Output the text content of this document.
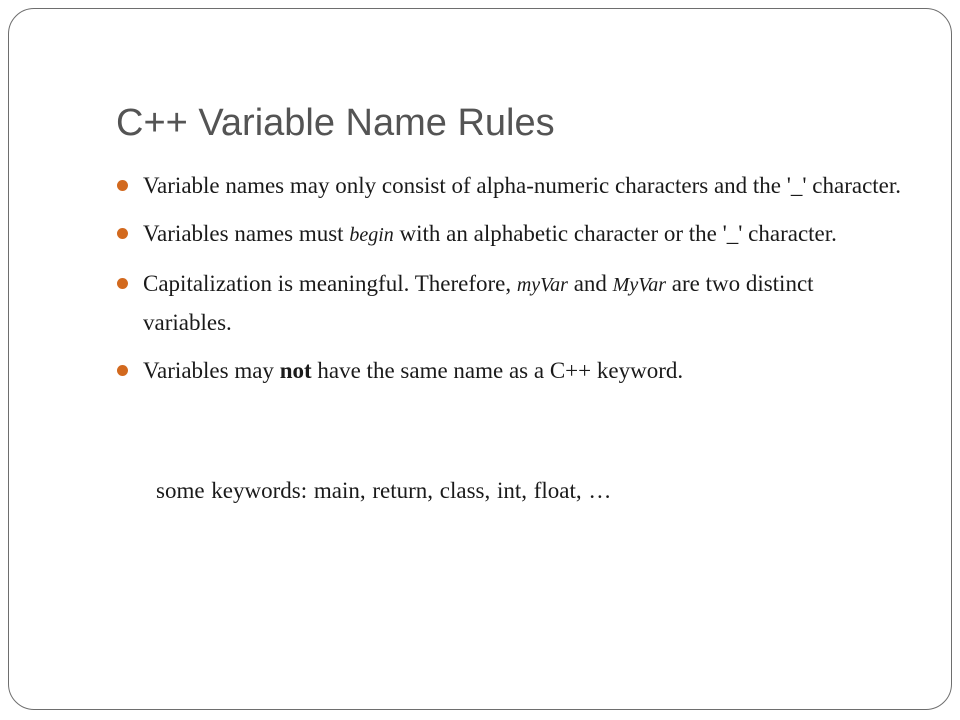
C++ Variable Name Rules
Variable names may only consist of alpha-numeric characters and the '_' character.
Variables names must begin with an alphabetic character or the '_' character.
Capitalization is meaningful. Therefore, myVar and MyVar are two distinct variables.
Variables may not have the same name as a C++ keyword.

some keywords: main, return, class, int, float, …
